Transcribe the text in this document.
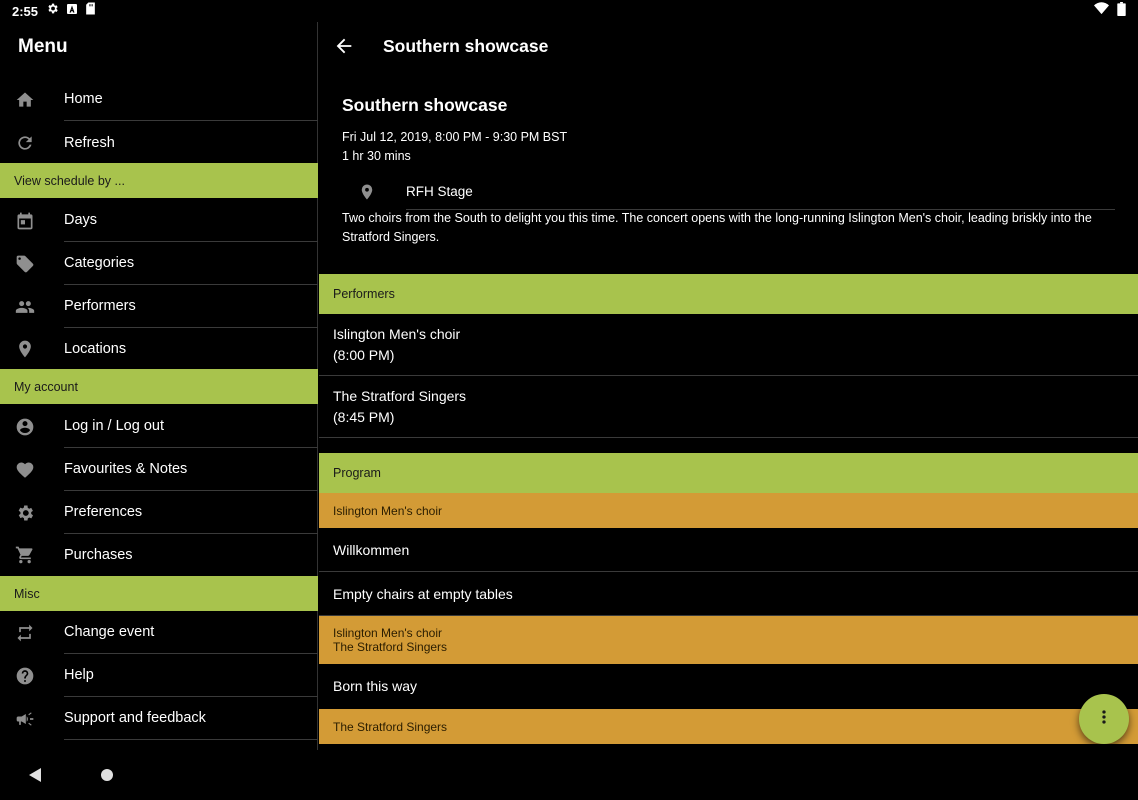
2:55
Menu
Home
Refresh
View schedule by ...
Days
Categories
Performers
Locations
My account
Log in / Log out
Favourites & Notes
Preferences
Purchases
Misc
Change event
Help
Support and feedback
Southern showcase
Southern showcase
Fri Jul 12, 2019, 8:00 PM - 9:30 PM BST
1 hr 30 mins
RFH Stage
Two choirs from the South to delight you this time. The concert opens with the long-running Islington Men's choir, leading briskly into the Stratford Singers.
Performers
Islington Men's choir
(8:00 PM)
The Stratford Singers
(8:45 PM)
Program
Islington Men's choir
Willkommen
Empty chairs at empty tables
Islington Men's choir
The Stratford Singers
Born this way
The Stratford Singers
